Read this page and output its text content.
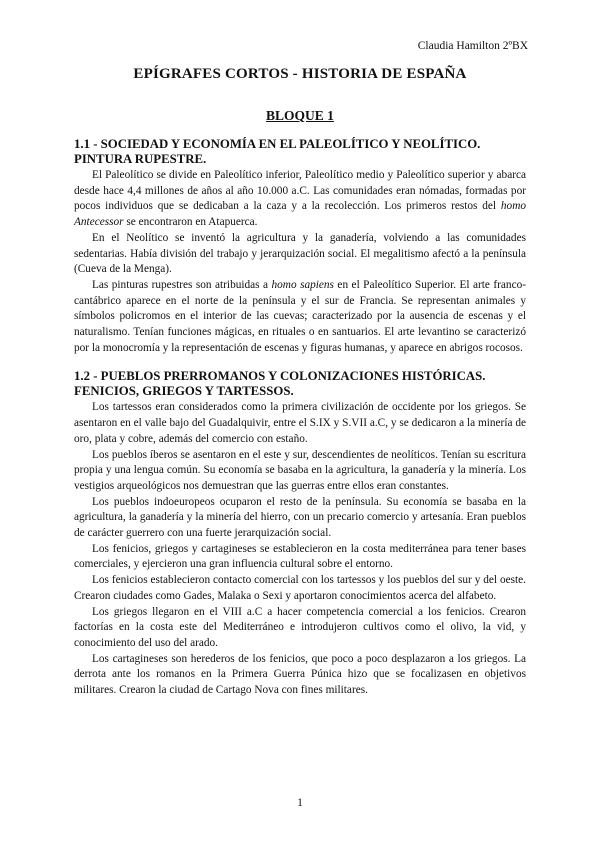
Claudia Hamilton 2ºBX
EPÍGRAFES CORTOS - HISTORIA DE ESPAÑA
BLOQUE 1
1.1 - SOCIEDAD Y ECONOMÍA EN EL PALEOLÍTICO Y NEOLÍTICO. PINTURA RUPESTRE.

El Paleolítico se divide en Paleolítico inferior, Paleolítico medio y Paleolítico superior y abarca desde hace 4,4 millones de años al año 10.000 a.C. Las comunidades eran nómadas, formadas por pocos individuos que se dedicaban a la caza y a la recolección. Los primeros restos del homo Antecessor se encontraron en Atapuerca.

En el Neolítico se inventó la agricultura y la ganadería, volviendo a las comunidades sedentarias. Había división del trabajo y jerarquización social. El megalitismo afectó a la península (Cueva de la Menga).

Las pinturas rupestres son atribuidas a homo sapiens en el Paleolítico Superior. El arte franco-cantábrico aparece en el norte de la península y el sur de Francia. Se representan animales y símbolos policromos en el interior de las cuevas; caracterizado por la ausencia de escenas y el naturalismo. Tenían funciones mágicas, en rituales o en santuarios. El arte levantino se caracterizó por la monocromía y la representación de escenas y figuras humanas, y aparece en abrigos rocosos.

1.2 - PUEBLOS PRERROMANOS Y COLONIZACIONES HISTÓRICAS. FENICIOS, GRIEGOS Y TARTESSOS.

Los tartessos eran considerados como la primera civilización de occidente por los griegos. Se asentaron en el valle bajo del Guadalquivir, entre el S.IX y S.VII a.C, y se dedicaron a la minería de oro, plata y cobre, además del comercio con estaño.

Los pueblos íberos se asentaron en el este y sur, descendientes de neolíticos. Tenían su escritura propia y una lengua común. Su economía se basaba en la agricultura, la ganadería y la minería. Los vestigios arqueológicos nos demuestran que las guerras entre ellos eran constantes.

Los pueblos indoeuropeos ocuparon el resto de la península. Su economía se basaba en la agricultura, la ganadería y la minería del hierro, con un precario comercio y artesanía. Eran pueblos de carácter guerrero con una fuerte jerarquización social.

Los fenicios, griegos y cartagineses se establecieron en la costa mediterránea para tener bases comerciales, y ejercieron una gran influencia cultural sobre el entorno.

Los fenicios establecieron contacto comercial con los tartessos y los pueblos del sur y del oeste. Crearon ciudades como Gades, Malaka o Sexi y aportaron conocimientos acerca del alfabeto.

Los griegos llegaron en el VIII a.C a hacer competencia comercial a los fenicios. Crearon factorías en la costa este del Mediterráneo e introdujeron cultivos como el olivo, la vid, y conocimiento del uso del arado.

Los cartagineses son herederos de los fenicios, que poco a poco desplazaron a los griegos. La derrota ante los romanos en la Primera Guerra Púnica hizo que se focalizasen en objetivos militares. Crearon la ciudad de Cartago Nova con fines militares.

1
